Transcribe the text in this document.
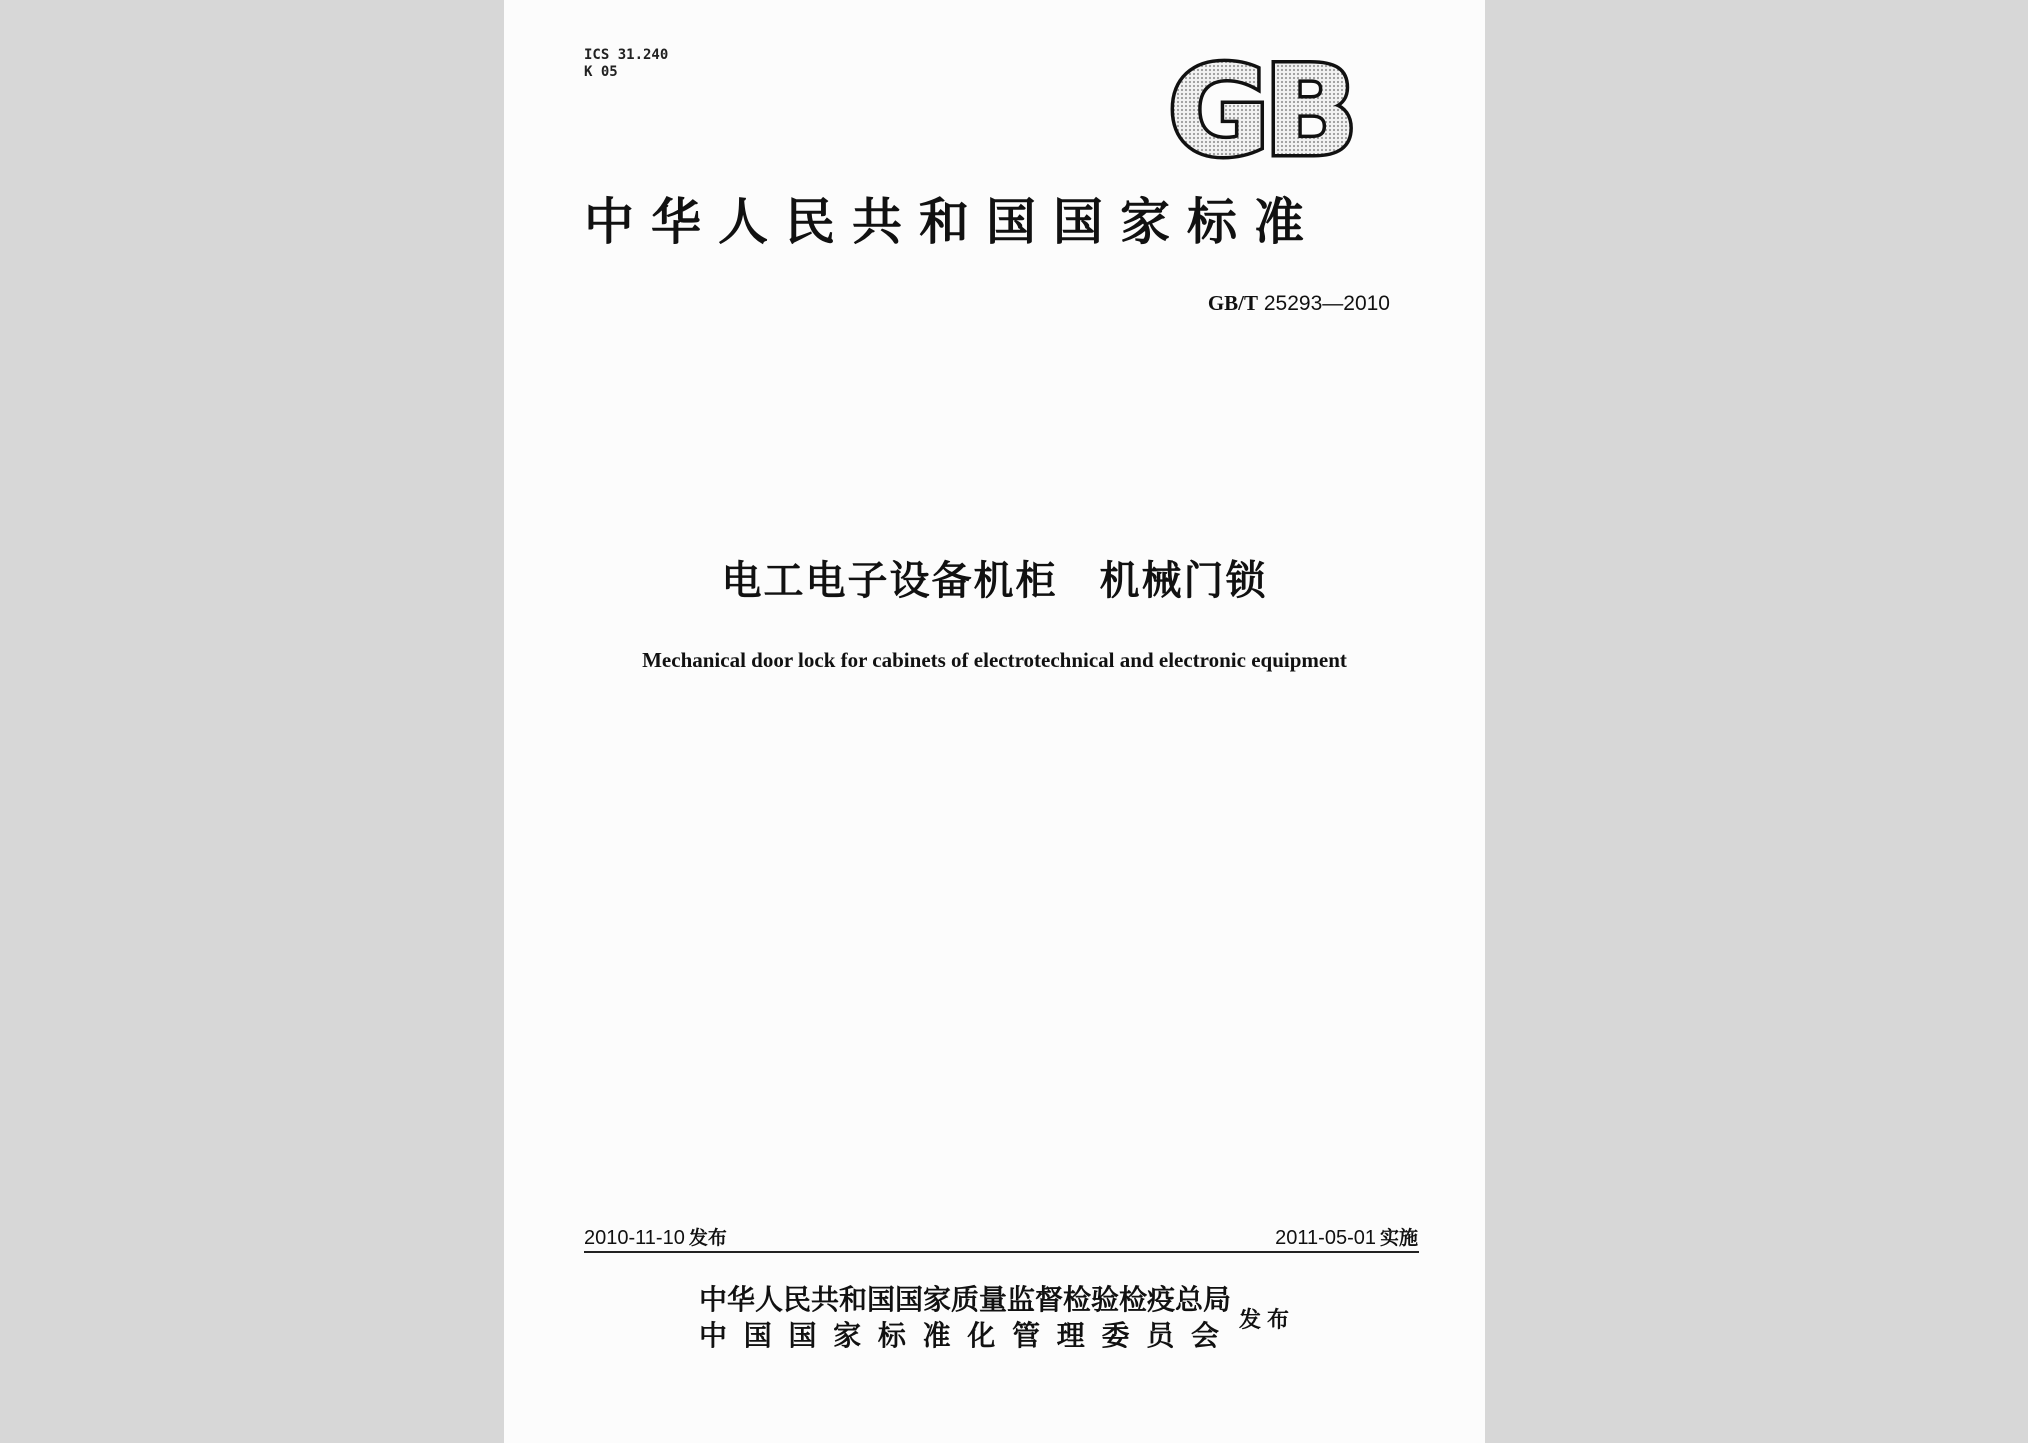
ICS 31.240
K 05	GB
中华人民共和国国家标准
GB/T 25293—2010
电工电子设备机柜　机械门锁
Mechanical door lock for cabinets of electrotechnical and electronic equipment
2010-11-10 发布	2011-05-01 实施
中华人民共和国国家质量监督检验检疫总局
中国国家标准化管理委员会 发布
